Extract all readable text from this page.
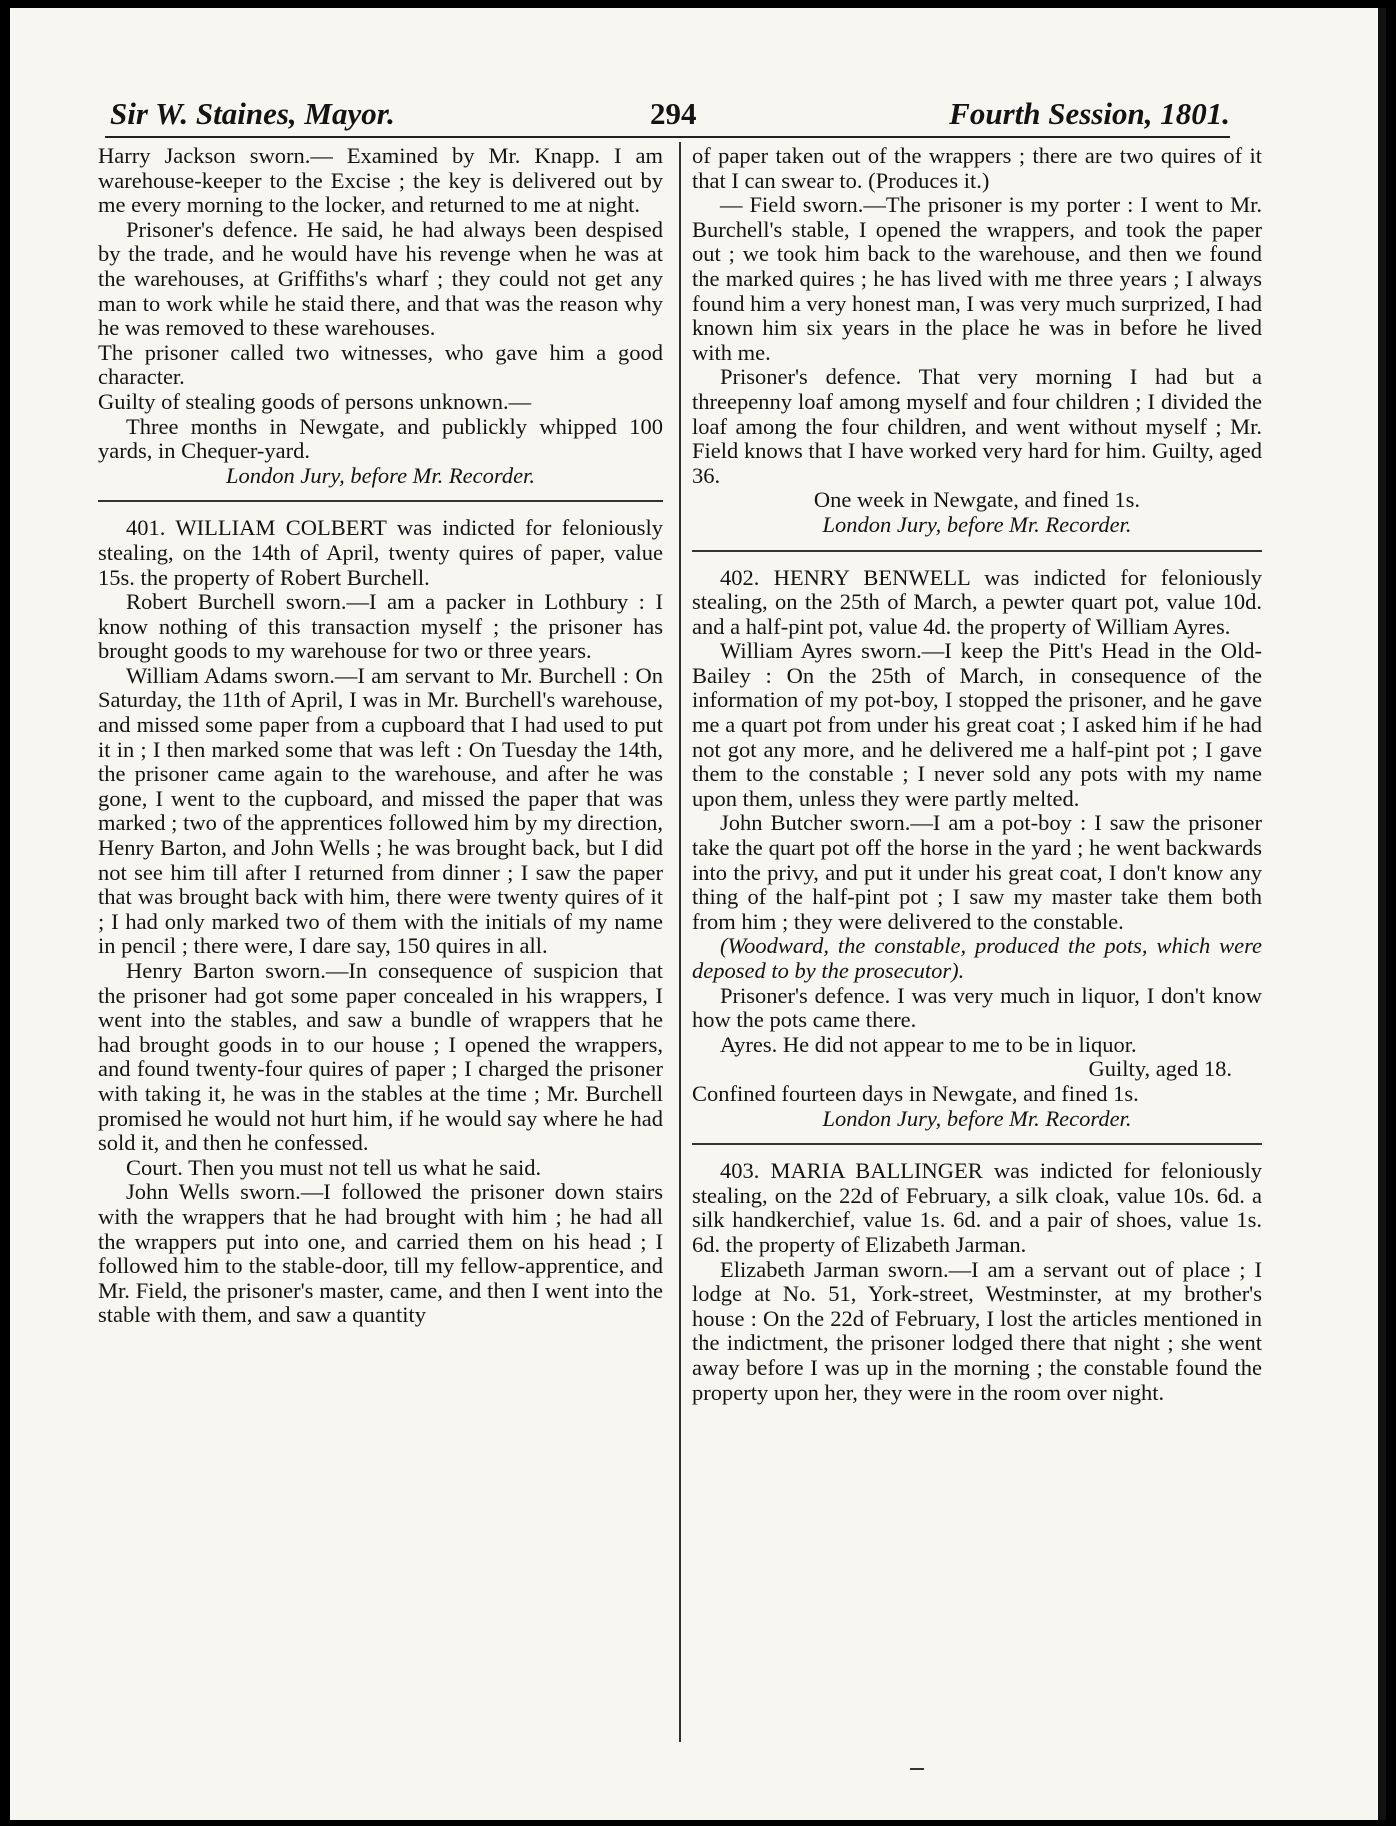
Sir W. Staines, Mayor.	294	Fourth Session, 1801.

Harry Jackson sworn.— Examined by Mr. Knapp. I am warehouse-keeper to the Excise ; the key is delivered out by me every morning to the locker, and returned to me at night.

Prisoner's defence. He said, he had always been despised by the trade, and he would have his revenge when he was at the warehouses, at Griffiths's wharf ; they could not get any man to work while he staid there, and that was the reason why he was removed to these warehouses.

The prisoner called two witnesses, who gave him a good character.

Guilty of stealing goods of persons unknown.—

Three months in Newgate, and publickly whipped 100 yards, in Chequer-yard.

London Jury, before Mr. Recorder.

401. WILLIAM COLBERT was indicted for feloniously stealing, on the 14th of April, twenty quires of paper, value 15s. the property of Robert Burchell.

Robert Burchell sworn.—I am a packer in Lothbury : I know nothing of this transaction myself ; the prisoner has brought goods to my warehouse for two or three years.

William Adams sworn.—I am servant to Mr. Burchell : On Saturday, the 11th of April, I was in Mr. Burchell's warehouse, and missed some paper from a cupboard that I had used to put it in ; I then marked some that was left : On Tuesday the 14th, the prisoner came again to the warehouse, and after he was gone, I went to the cupboard, and missed the paper that was marked ; two of the apprentices followed him by my direction, Henry Barton, and John Wells ; he was brought back, but I did not see him till after I returned from dinner ; I saw the paper that was brought back with him, there were twenty quires of it ; I had only marked two of them with the initials of my name in pencil ; there were, I dare say, 150 quires in all.

Henry Barton sworn.—In consequence of suspicion that the prisoner had got some paper concealed in his wrappers, I went into the stables, and saw a bundle of wrappers that he had brought goods in to our house ; I opened the wrappers, and found twenty-four quires of paper ; I charged the prisoner with taking it, he was in the stables at the time ; Mr. Burchell promised he would not hurt him, if he would say where he had sold it, and then he confessed.

Court. Then you must not tell us what he said.

John Wells sworn.—I followed the prisoner down stairs with the wrappers that he had brought with him ; he had all the wrappers put into one, and carried them on his head ; I followed him to the stable-door, till my fellow-apprentice, and Mr. Field, the prisoner's master, came, and then I went into the stable with them, and saw a quantity

of paper taken out of the wrappers ; there are two quires of it that I can swear to. (Produces it.)

— Field sworn.—The prisoner is my porter : I went to Mr. Burchell's stable, I opened the wrappers, and took the paper out ; we took him back to the warehouse, and then we found the marked quires ; he has lived with me three years ; I always found him a very honest man, I was very much surprized, I had known him six years in the place he was in before he lived with me.

Prisoner's defence. That very morning I had but a threepenny loaf among myself and four children ; I divided the loaf among the four children, and went without myself ; Mr. Field knows that I have worked very hard for him. Guilty, aged 36.

One week in Newgate, and fined 1s.

London Jury, before Mr. Recorder.

402. HENRY BENWELL was indicted for feloniously stealing, on the 25th of March, a pewter quart pot, value 10d. and a half-pint pot, value 4d. the property of William Ayres.

William Ayres sworn.—I keep the Pitt's Head in the Old-Bailey : On the 25th of March, in consequence of the information of my pot-boy, I stopped the prisoner, and he gave me a quart pot from under his great coat ; I asked him if he had not got any more, and he delivered me a half-pint pot ; I gave them to the constable ; I never sold any pots with my name upon them, unless they were partly melted.

John Butcher sworn.—I am a pot-boy : I saw the prisoner take the quart pot off the horse in the yard ; he went backwards into the privy, and put it under his great coat, I don't know any thing of the half-pint pot ; I saw my master take them both from him ; they were delivered to the constable.

(Woodward, the constable, produced the pots, which were deposed to by the prosecutor).

Prisoner's defence. I was very much in liquor, I don't know how the pots came there.

Ayres. He did not appear to me to be in liquor.

Guilty, aged 18.

Confined fourteen days in Newgate, and fined 1s.

London Jury, before Mr. Recorder.

403. MARIA BALLINGER was indicted for feloniously stealing, on the 22d of February, a silk cloak, value 10s. 6d. a silk handkerchief, value 1s. 6d. and a pair of shoes, value 1s. 6d. the property of Elizabeth Jarman.

Elizabeth Jarman sworn.—I am a servant out of place ; I lodge at No. 51, York-street, Westminster, at my brother's house : On the 22d of February, I lost the articles mentioned in the indictment, the prisoner lodged there that night ; she went away before I was up in the morning ; the constable found the property upon her, they were in the room over night.
